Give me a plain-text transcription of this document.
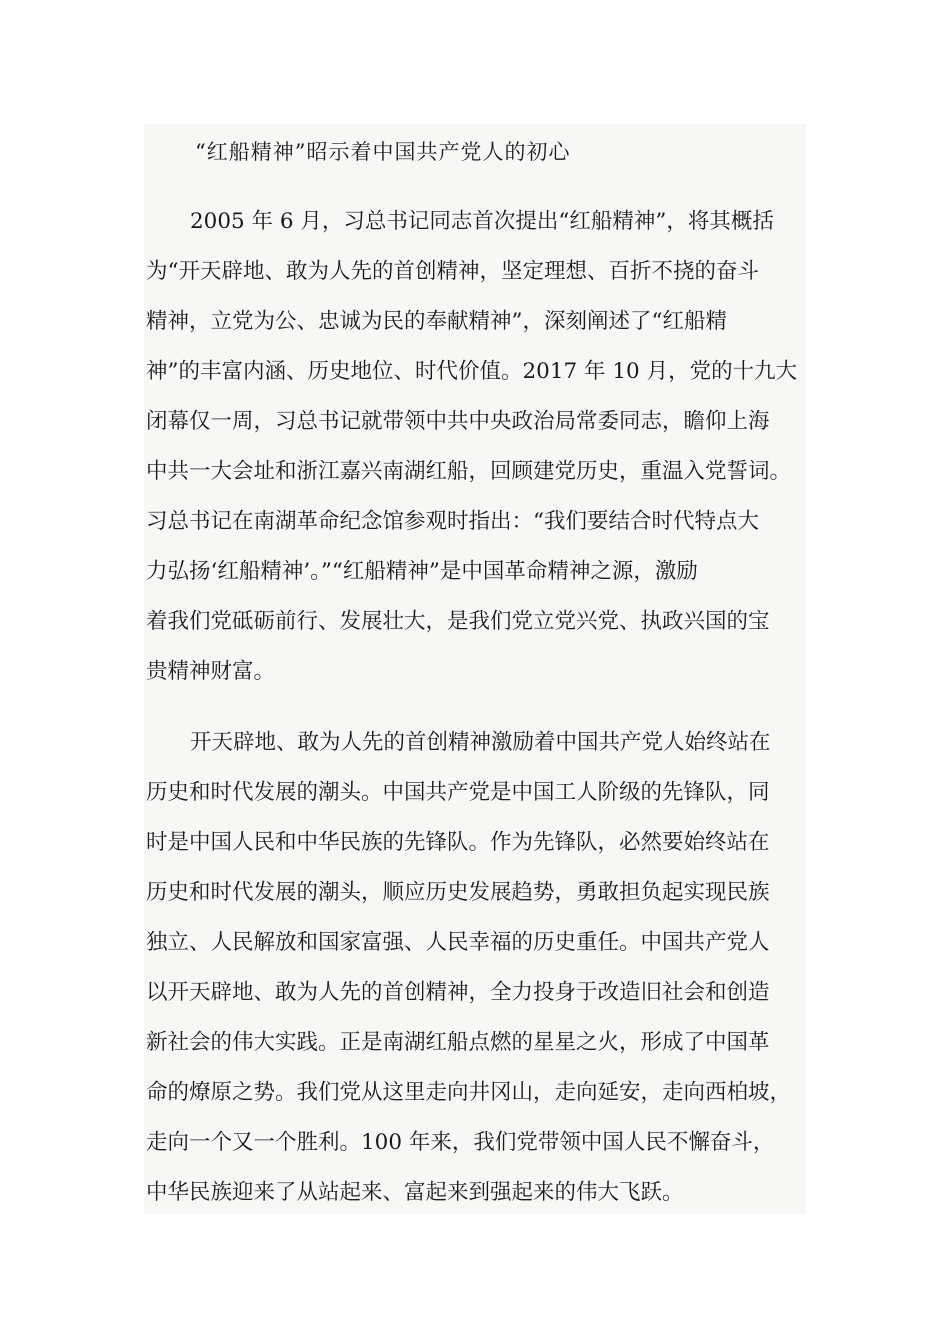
“红船精神”昭示着中国共产党人的初心

2005 年 6 月，习总书记同志首次提出“红船精神”，将其概括

为“开天辟地、敢为人先的首创精神，坚定理想、百折不挠的奋斗

精神，立党为公、忠诚为民的奉献精神”，深刻阐述了“红船精

神”的丰富内涵、历史地位、时代价值。2017 年 10 月，党的十九大

闭幕仅一周，习总书记就带领中共中央政治局常委同志，瞻仰上海

中共一大会址和浙江嘉兴南湖红船，回顾建党历史，重温入党誓词。

习总书记在南湖革命纪念馆参观时指出：“我们要结合时代特点大

力弘扬‘红船精神’。”“红船精神”是中国革命精神之源，激励

着我们党砥砺前行、发展壮大，是我们党立党兴党、执政兴国的宝

贵精神财富。

开天辟地、敢为人先的首创精神激励着中国共产党人始终站在

历史和时代发展的潮头。中国共产党是中国工人阶级的先锋队，同

时是中国人民和中华民族的先锋队。作为先锋队，必然要始终站在

历史和时代发展的潮头，顺应历史发展趋势，勇敢担负起实现民族

独立、人民解放和国家富强、人民幸福的历史重任。中国共产党人

以开天辟地、敢为人先的首创精神，全力投身于改造旧社会和创造

新社会的伟大实践。正是南湖红船点燃的星星之火，形成了中国革

命的燎原之势。我们党从这里走向井冈山，走向延安，走向西柏坡，

走向一个又一个胜利。100 年来，我们党带领中国人民不懈奋斗，

中华民族迎来了从站起来、富起来到强起来的伟大飞跃。
